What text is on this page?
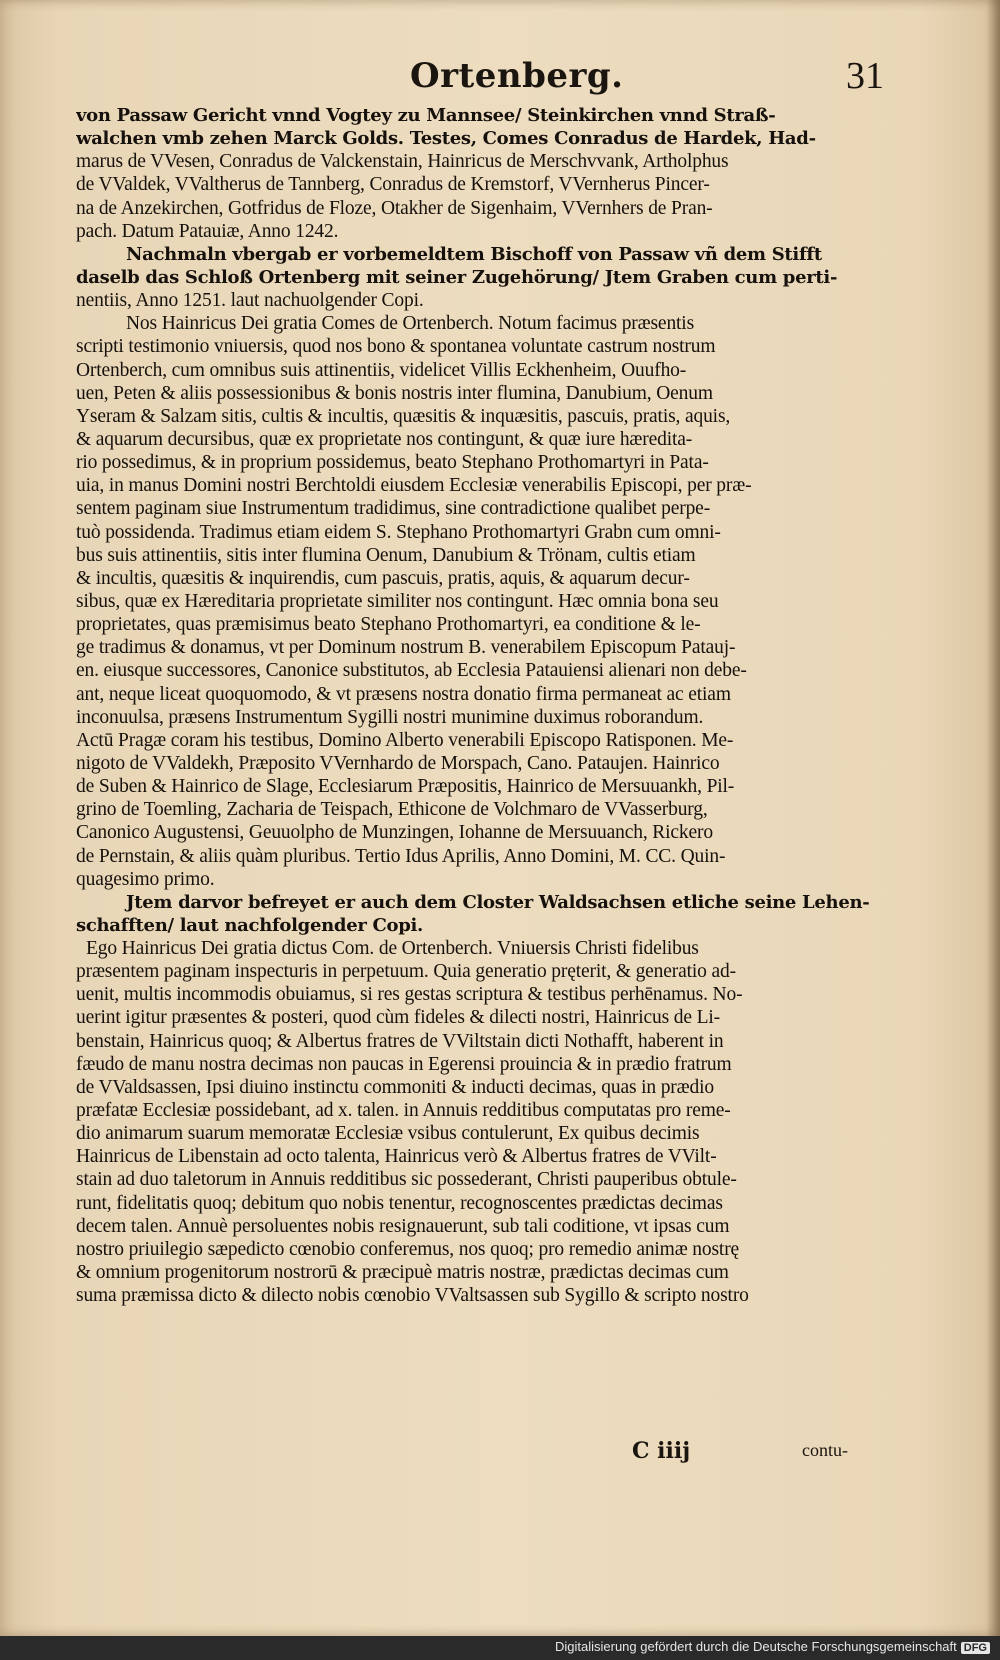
Ortenberg.	31
von Passaw Gericht vnnd Vogtey zu Mannsee/ Steinkirchen vnnd Straß-
walchen vmb zehen Marck Golds. Testes, Comes Conradus de Hardek, Had-
marus de VVesen, Conradus de Valckenstain, Hainricus de Merschvvank, Artholphus
de VValdek, VValtherus de Tannberg, Conradus de Kremstorf, VVernherus Pincer-
na de Anzekirchen, Gotfridus de Floze, Otakher de Sigenhaim, VVernhers de Pran-
pach. Datum Patauiæ, Anno 1242.
Nachmaln vbergab er vorbemeldtem Bischoff von Passaw vñ dem Stifft
daselb das Schloß Ortenberg mit seiner Zugehörung/ Jtem Graben cum perti-
nentiis, Anno 1251. laut nachuolgender Copi.
Nos Hainricus Dei gratia Comes de Ortenberch. Notum facimus præsentis
scripti testimonio vniuersis, quod nos bono & spontanea voluntate castrum nostrum
Ortenberch, cum omnibus suis attinentiis, videlicet Villis Eckhenheim, Ouufho-
uen, Peten & aliis possessionibus & bonis nostris inter flumina, Danubium, Oenum
Yseram & Salzam sitis, cultis & incultis, quæsitis & inquæsitis, pascuis, pratis, aquis,
& aquarum decursibus, quæ ex proprietate nos contingunt, & quæ iure hæredita-
rio possedimus, & in proprium possidemus, beato Stephano Prothomartyri in Pata-
uia, in manus Domini nostri Berchtoldi eiusdem Ecclesiæ venerabilis Episcopi, per præ-
sentem paginam siue Instrumentum tradidimus, sine contradictione qualibet perpe-
tuò possidenda. Tradimus etiam eidem S. Stephano Prothomartyri Grabn cum omni-
bus suis attinentiis, sitis inter flumina Oenum, Danubium & Trönam, cultis etiam
& incultis, quæsitis & inquirendis, cum pascuis, pratis, aquis, & aquarum decur-
sibus, quæ ex Hæreditaria proprietate similiter nos contingunt. Hæc omnia bona seu
proprietates, quas præmisimus beato Stephano Prothomartyri, ea conditione & le-
ge tradimus & donamus, vt per Dominum nostrum B. venerabilem Episcopum Patauj-
en. eiusque successores, Canonice substitutos, ab Ecclesia Patauiensi alienari non debe-
ant, neque liceat quoquomodo, & vt præsens nostra donatio firma permaneat ac etiam
inconuulsa, præsens Instrumentum Sygilli nostri munimine duximus roborandum.
Actū Pragæ coram his testibus, Domino Alberto venerabili Episcopo Ratisponen. Me-
nigoto de VValdekh, Præposito VVernhardo de Morspach, Cano. Pataujen. Hainrico
de Suben & Hainrico de Slage, Ecclesiarum Præpositis, Hainrico de Mersuuankh, Pil-
grino de Toemling, Zacharia de Teispach, Ethicone de Volchmaro de VVasserburg,
Canonico Augustensi, Geuuolpho de Munzingen, Iohanne de Mersuuanch, Rickero
de Pernstain, & aliis quàm pluribus. Tertio Idus Aprilis, Anno Domini, M. CC. Quin-
quagesimo primo.
Jtem darvor befreyet er auch dem Closter Waldsachsen etliche seine Lehen-
schafften/ laut nachfolgender Copi.
Ego Hainricus Dei gratia dictus Com. de Ortenberch. Vniuersis Christi fidelibus
præsentem paginam inspecturis in perpetuum. Quia generatio pręterit, & generatio ad-
uenit, multis incommodis obuiamus, si res gestas scriptura & testibus perhēnamus. No-
uerint igitur præsentes & posteri, quod cùm fideles & dilecti nostri, Hainricus de Li-
benstain, Hainricus quoq; & Albertus fratres de VViltstain dicti Nothafft, haberent in
fæudo de manu nostra decimas non paucas in Egerensi prouincia & in prædio fratrum
de VValdsassen, Ipsi diuino instinctu commoniti & inducti decimas, quas in prædio
præfatæ Ecclesiæ possidebant, ad x. talen. in Annuis redditibus computatas pro reme-
dio animarum suarum memoratæ Ecclesiæ vsibus contulerunt, Ex quibus decimis
Hainricus de Libenstain ad octo talenta, Hainricus verò & Albertus fratres de VVilt-
stain ad duo taletorum in Annuis redditibus sic possederant, Christi pauperibus obtule-
runt, fidelitatis quoq; debitum quo nobis tenentur, recognoscentes prædictas decimas
decem talen. Annuè persoluentes nobis resignauerunt, sub tali coditione, vt ipsas cum
nostro priuilegio sæpedicto cœnobio conferemus, nos quoq; pro remedio animæ nostrę
& omnium progenitorum nostrorū & præcipuè matris nostræ, prædictas decimas cum
suma præmissa dicto & dilecto nobis cœnobio VValtsassen sub Sygillo & scripto nostro
C iiij	contu-
Digitalisierung gefördert durch die Deutsche Forschungsgemeinschaft DFG
